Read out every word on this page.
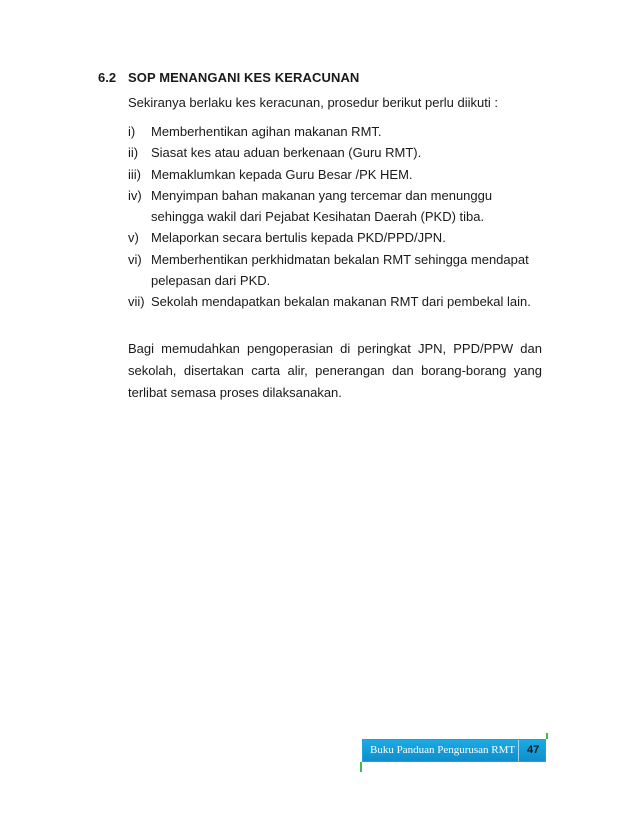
6.2 SOP MENANGANI KES KERACUNAN
Sekiranya berlaku kes keracunan, prosedur berikut perlu diikuti :
i) Memberhentikan agihan makanan RMT.
ii) Siasat kes atau aduan berkenaan (Guru RMT).
iii) Memaklumkan kepada Guru Besar /PK HEM.
iv) Menyimpan bahan makanan yang tercemar dan menunggu sehingga wakil dari Pejabat Kesihatan Daerah (PKD) tiba.
v) Melaporkan secara bertulis kepada PKD/PPD/JPN.
vi) Memberhentikan perkhidmatan bekalan RMT sehingga mendapat pelepasan dari PKD.
vii) Sekolah mendapatkan bekalan makanan RMT dari pembekal lain.

Bagi memudahkan pengoperasian di peringkat JPN, PPD/PPW dan sekolah, disertakan carta alir, penerangan dan borang-borang yang terlibat semasa proses dilaksanakan.

Buku Panduan Pengurusan RMT 47
